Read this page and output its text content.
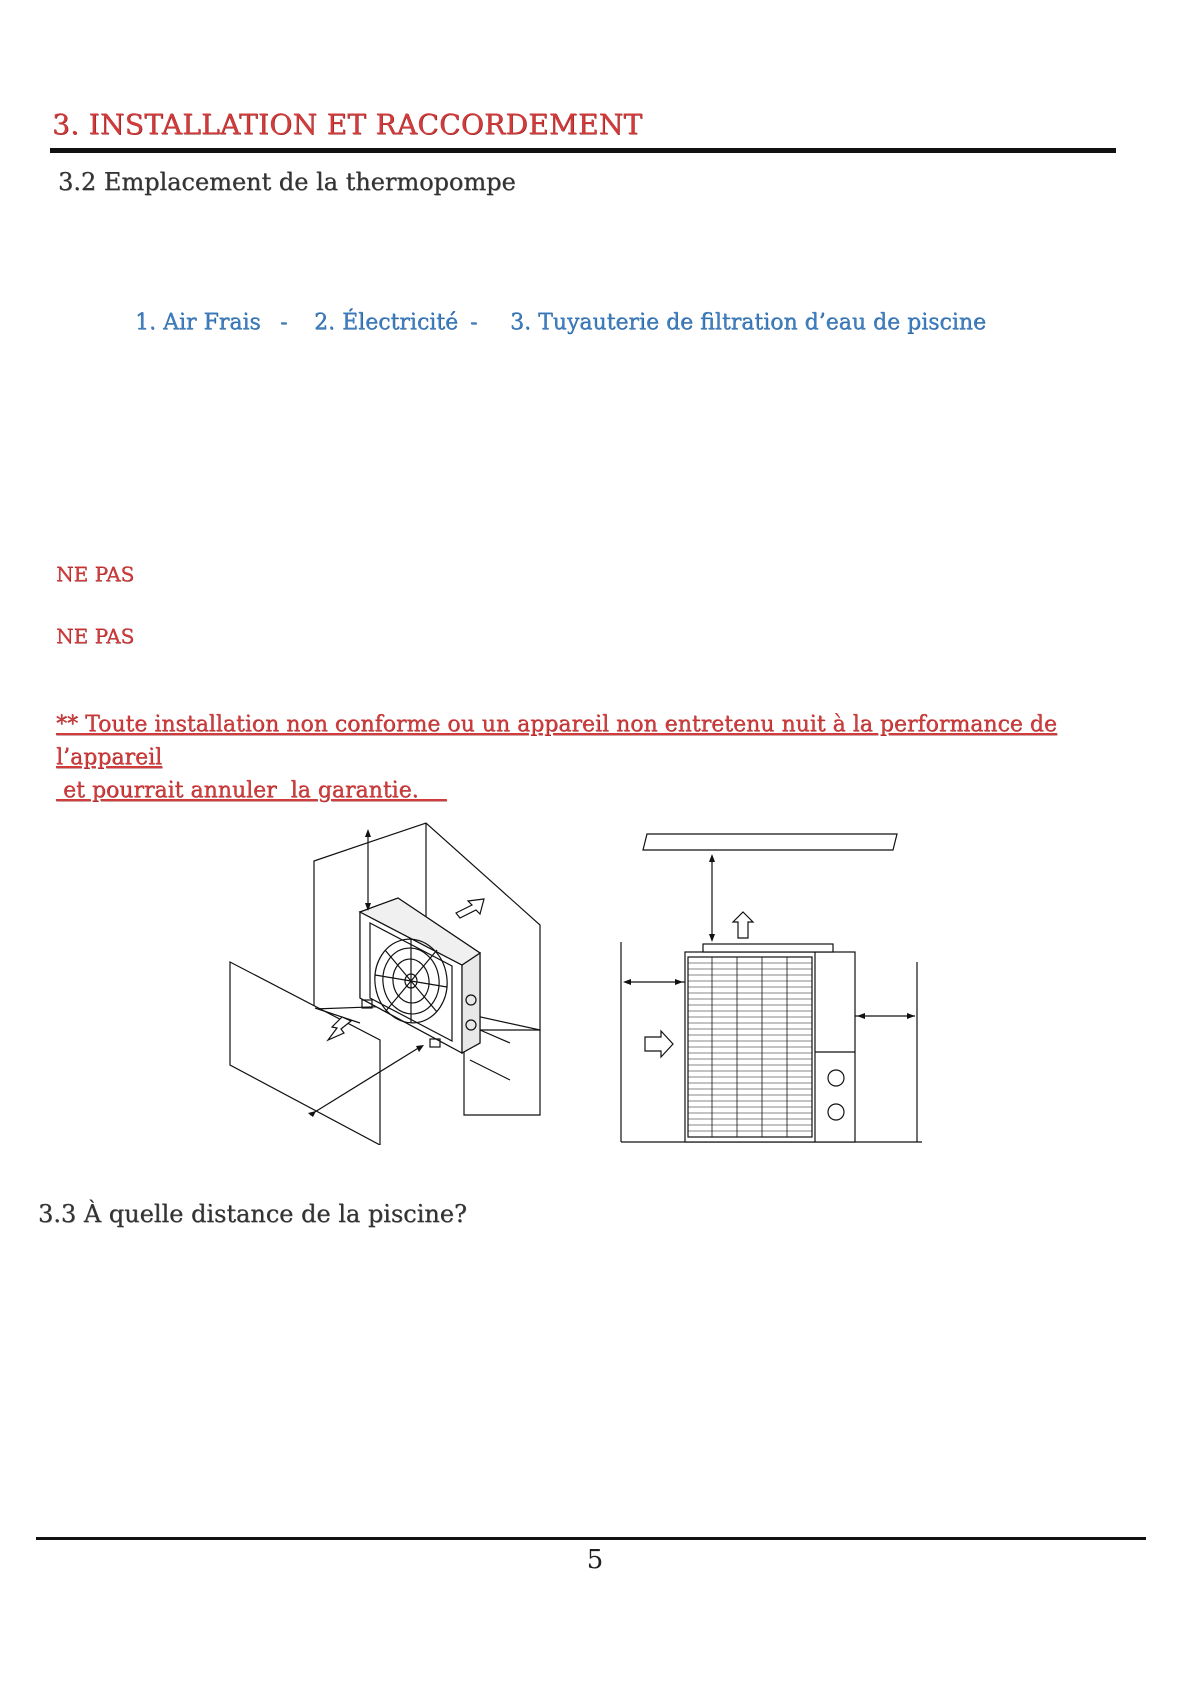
3. INSTALLATION ET RACCORDEMENT
3.2 Emplacement de la thermopompe
1. Air Frais -	2. Électricité -	3. Tuyauterie de filtration d’eau de piscine
NE PAS
NE PAS
** Toute installation non conforme ou un appareil non entretenu nuit à la performance de l’appareil
et pourrait annuler  la garantie.
3.3 À quelle distance de la piscine?
5
